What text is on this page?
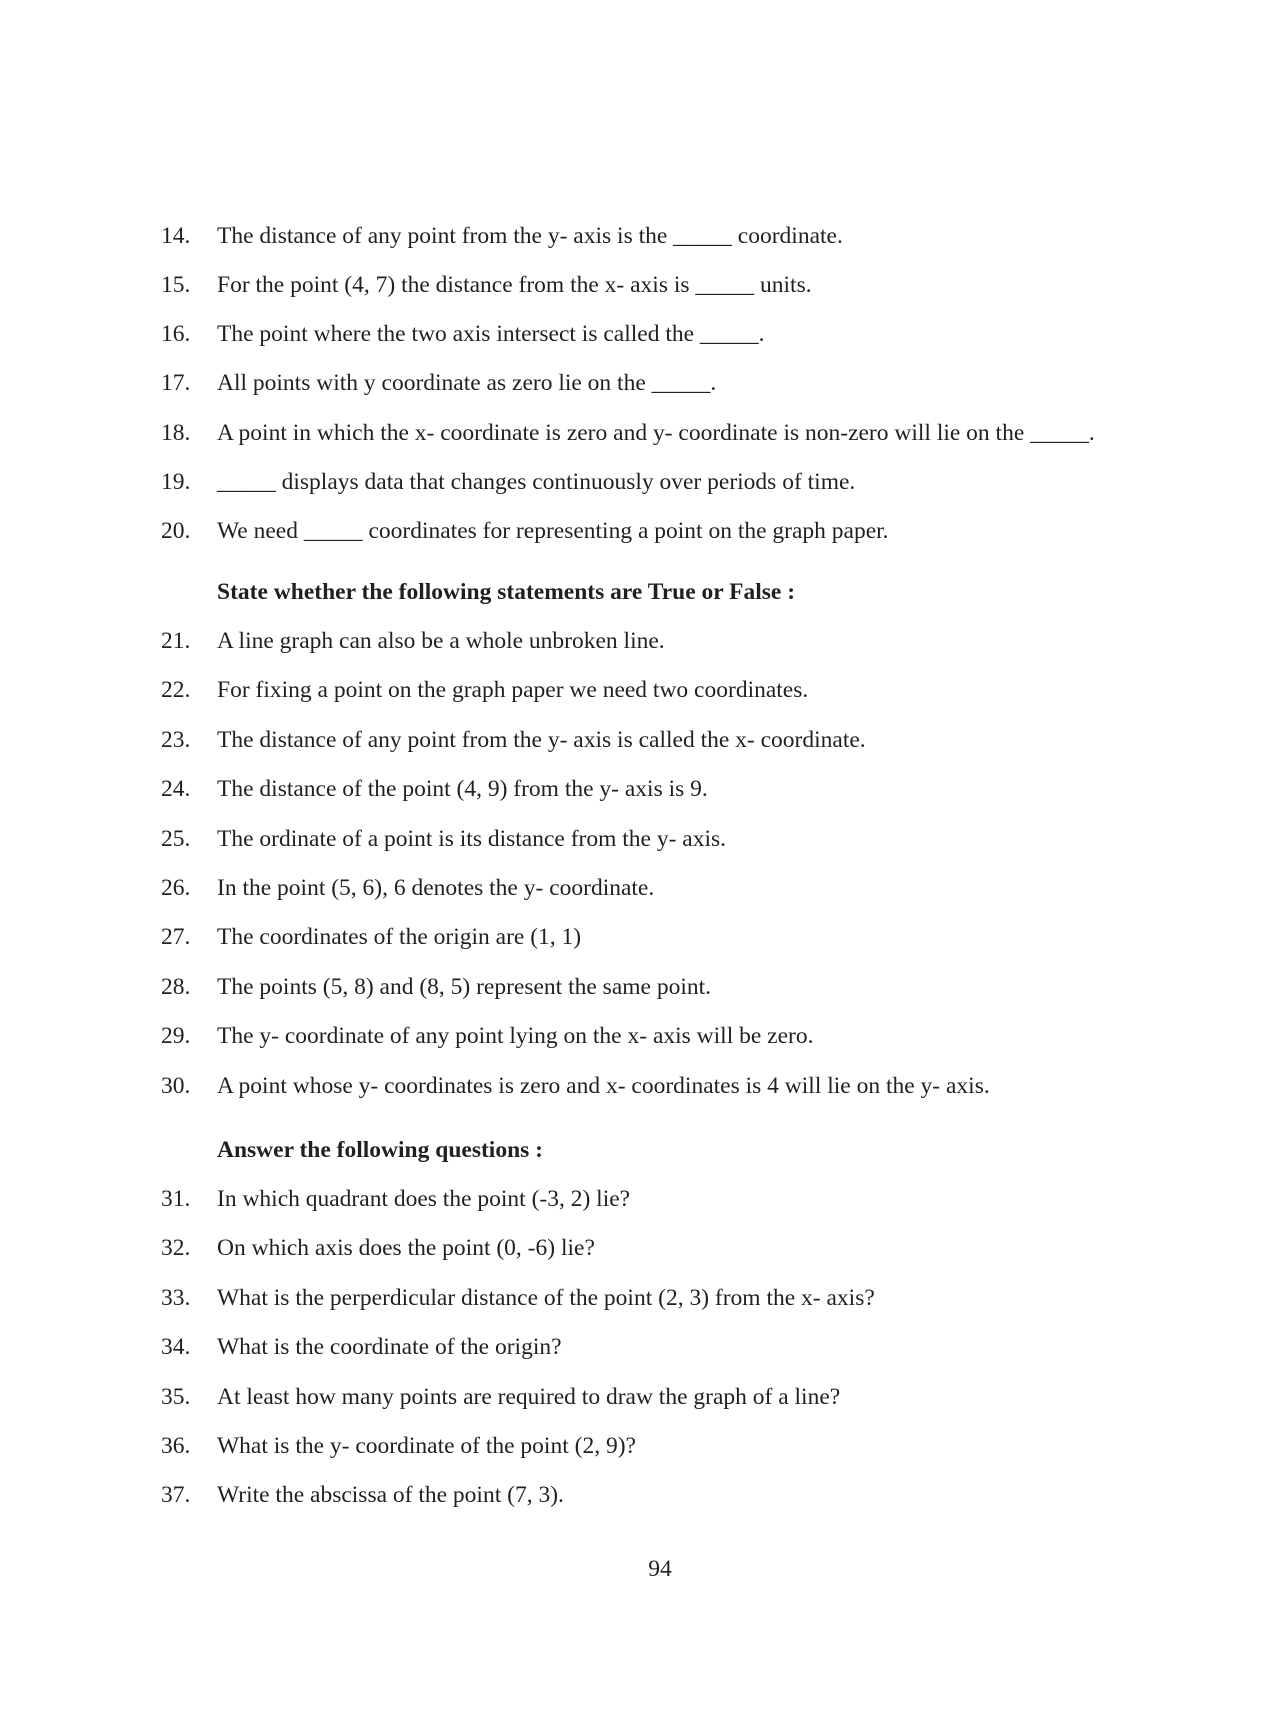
14.	The distance of any point from the y- axis is the _____ coordinate.
15.	For the point (4, 7) the distance from the x- axis is _____ units.
16.	The point where the two axis intersect is called the _____.
17.	All points with y coordinate as zero lie on the _____.
18.	A point in which the x- coordinate is zero and y- coordinate is non-zero will lie on the _____.
19.	_____ displays data that changes continuously over periods of time.
20.	We need _____ coordinates for representing a point on the graph paper.
State whether the following statements are True or False :
21.	A line graph can also be a whole unbroken line.
22.	For fixing a point on the graph paper we need two coordinates.
23.	The distance of any point from the y- axis is called the x- coordinate.
24.	The distance of the point (4, 9) from the y- axis is 9.
25.	The ordinate of a point is its distance from the y- axis.
26.	In the point (5, 6), 6 denotes the y- coordinate.
27.	The coordinates of the origin are (1, 1)
28.	The points (5, 8) and (8, 5) represent the same point.
29.	The y- coordinate of any point lying on the x- axis will be zero.
30.	A point whose y- coordinates is zero and x- coordinates is 4 will lie on the y- axis.
Answer the following questions :
31.	In which quadrant does the point (-3, 2) lie?
32.	On which axis does the point (0, -6) lie?
33.	What is the perperdicular distance of the point (2, 3) from the x- axis?
34.	What is the coordinate of the origin?
35.	At least how many points are required to draw the graph of a line?
36.	What is the y- coordinate of the point (2, 9)?
37.	Write the abscissa of the point (7, 3).
94
